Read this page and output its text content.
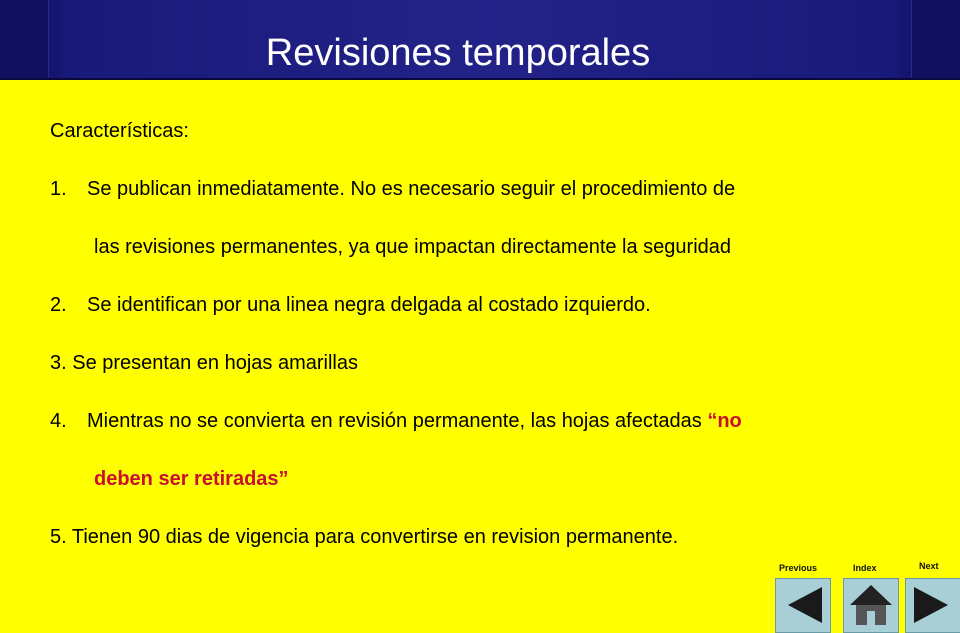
Revisiones temporales
Características:
1. Se publican inmediatamente. No es necesario seguir el procedimiento de
las revisiones permanentes, ya que impactan directamente la seguridad
2. Se identifican por una linea negra delgada al costado izquierdo.
3. Se presentan en hojas amarillas
4. Mientras no se convierta en revisión permanente, las hojas afectadas “no
deben ser retiradas”
5. Tienen 90 dias de vigencia para convertirse en revision permanente.
Previous	Index	Next
